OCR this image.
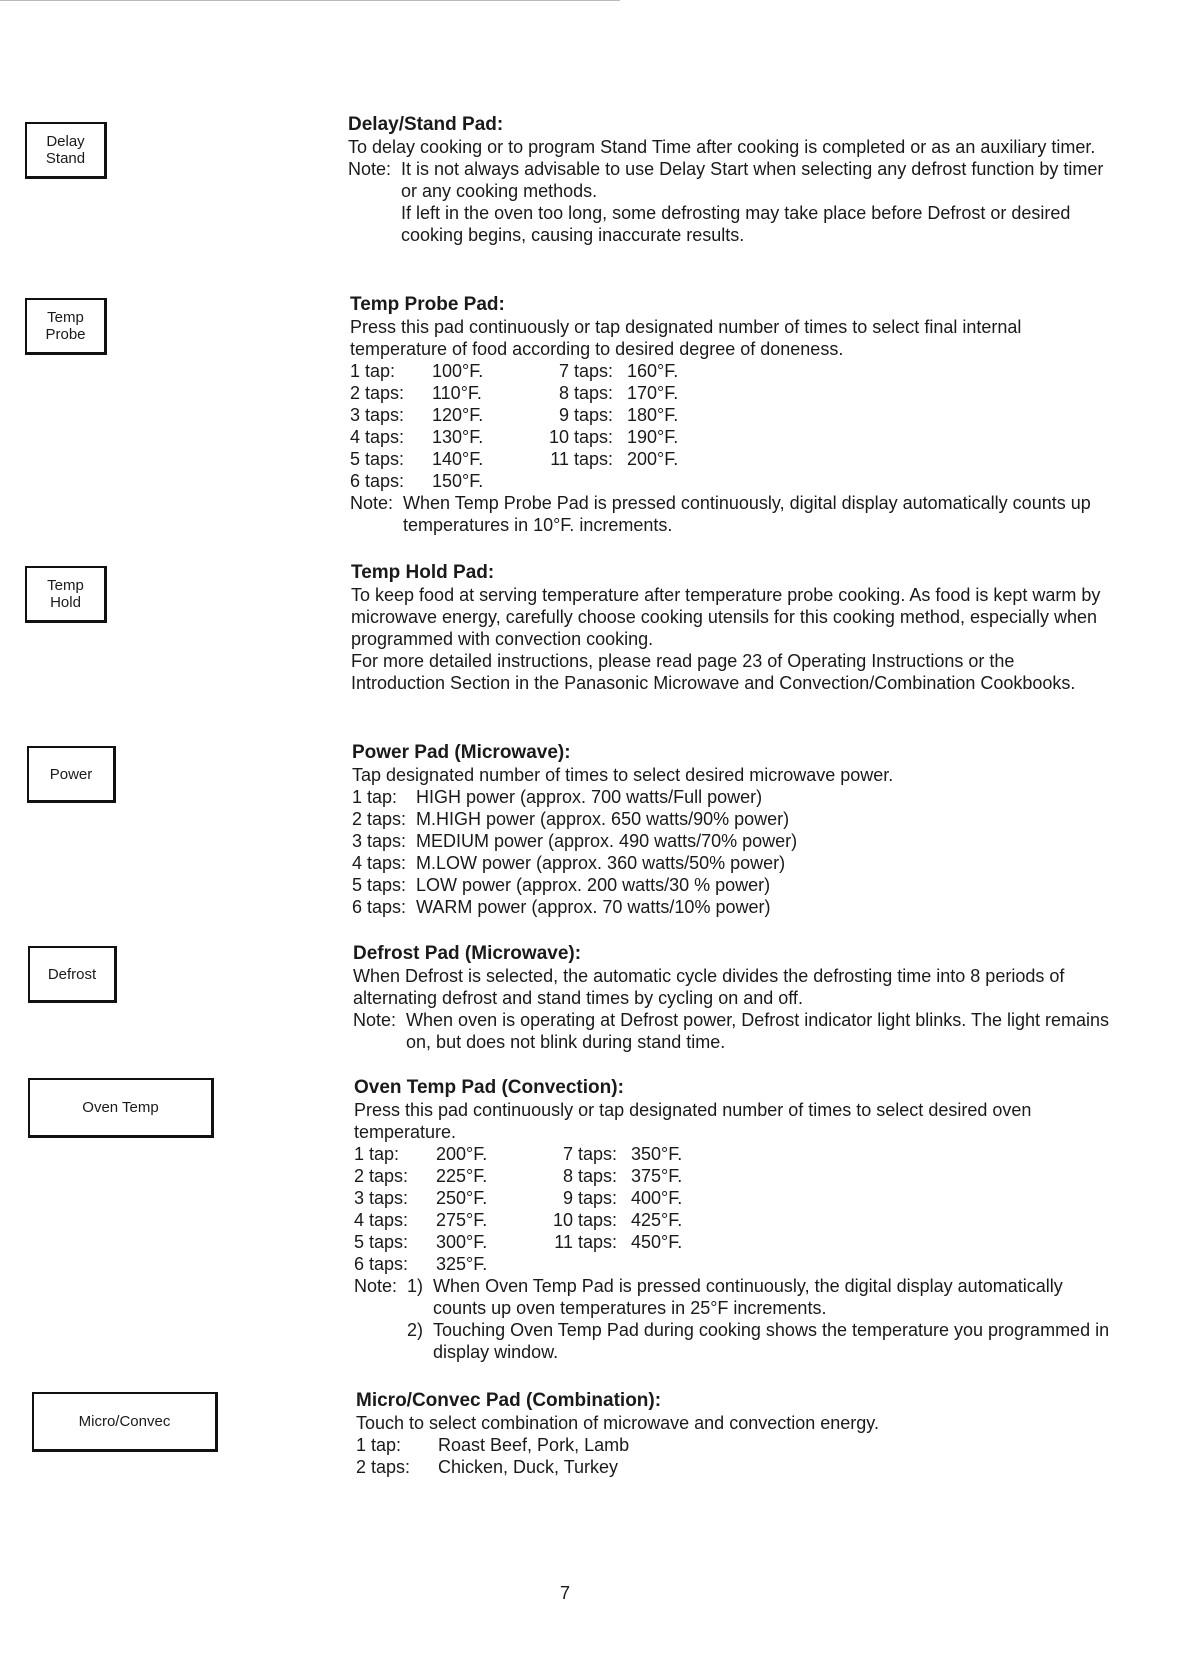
Delay
Stand
Temp
Probe
Temp
Hold
Power
Defrost
Oven Temp
Micro/Convec

Delay/Stand Pad:

To delay cooking or to program Stand Time after cooking is completed or as an auxiliary timer.

Note: It is not always advisable to use Delay Start when selecting any defrost function by timer or any cooking methods.

If left in the oven too long, some defrosting may take place before Defrost or desired cooking begins, causing inaccurate results.

Temp Probe Pad:

Press this pad continuously or tap designated number of times to select final internal temperature of food according to desired degree of doneness.

1 tap:	100°F.	7 taps: 160°F.
2 taps:	110°F.	8 taps: 170°F.
3 taps:	120°F.	9 taps: 180°F.
4 taps:	130°F.	10 taps: 190°F.
5 taps:	140°F.	11 taps: 200°F.
6 taps:	150°F.
Note: When Temp Probe Pad is pressed continuously, digital display automatically counts up temperatures in 10°F. increments.

Temp Hold Pad:

To keep food at serving temperature after temperature probe cooking. As food is kept warm by microwave energy, carefully choose cooking utensils for this cooking method, especially when programmed with convection cooking.

For more detailed instructions, please read page 23 of Operating Instructions or the Introduction Section in the Panasonic Microwave and Convection/Combination Cookbooks.

Power Pad (Microwave):

Tap designated number of times to select desired microwave power.

1 tap:	HIGH power (approx. 700 watts/Full power)
2 taps: M.HIGH power (approx. 650 watts/90% power)
3 taps: MEDIUM power (approx. 490 watts/70% power)
4 taps: M.LOW power (approx. 360 watts/50% power)
5 taps: LOW power (approx. 200 watts/30 % power)
6 taps: WARM power (approx. 70 watts/10% power)

Defrost Pad (Microwave):

When Defrost is selected, the automatic cycle divides the defrosting time into 8 periods of alternating defrost and stand times by cycling on and off.

Note: When oven is operating at Defrost power, Defrost indicator light blinks. The light remains on, but does not blink during stand time.

Oven Temp Pad (Convection):

Press this pad continuously or tap designated number of times to select desired oven temperature.

1 tap:	200°F.	7 taps: 350°F.
2 taps:	225°F.	8 taps: 375°F.
3 taps:	250°F.	9 taps: 400°F.
4 taps:	275°F.	10 taps: 425°F.
5 taps:	300°F.	11 taps: 450°F.
6 taps:	325°F.
Note: 1) When Oven Temp Pad is pressed continuously, the digital display automatically counts up oven temperatures in 25°F increments.

2) Touching Oven Temp Pad during cooking shows the temperature you programmed in display window.

Micro/Convec Pad (Combination):

Touch to select combination of microwave and convection energy.

1 tap:	Roast Beef, Pork, Lamb
2 taps:	Chicken, Duck, Turkey
7
